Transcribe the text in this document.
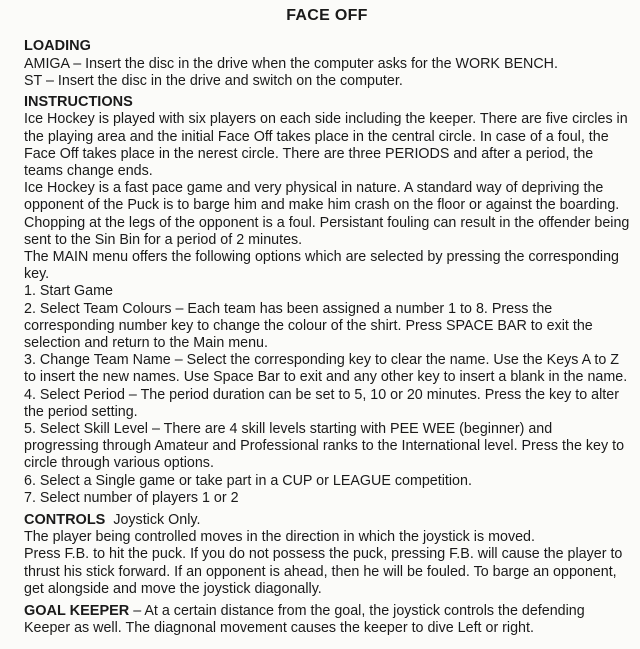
FACE OFF
LOADING

AMIGA – Insert the disc in the drive when the computer asks for the WORK BENCH.

ST – Insert the disc in the drive and switch on the computer.

INSTRUCTIONS

Ice Hockey is played with six players on each side including the keeper. There are five circles in the playing area and the initial Face Off takes place in the central circle. In case of a foul, the Face Off takes place in the nerest circle. There are three PERIODS and after a period, the teams change ends.

Ice Hockey is a fast pace game and very physical in nature. A standard way of depriving the opponent of the Puck is to barge him and make him crash on the floor or against the boarding. Chopping at the legs of the opponent is a foul. Persistant fouling can result in the offender being sent to the Sin Bin for a period of 2 minutes.

The MAIN menu offers the following options which are selected by pressing the corresponding key.

1. Start Game

2. Select Team Colours – Each team has been assigned a number 1 to 8. Press the corresponding number key to change the colour of the shirt. Press SPACE BAR to exit the selection and return to the Main menu.

3. Change Team Name – Select the corresponding key to clear the name. Use the Keys A to Z to insert the new names. Use Space Bar to exit and any other key to insert a blank in the name.

4. Select Period – The period duration can be set to 5, 10 or 20 minutes. Press the key to alter the period setting.

5. Select Skill Level – There are 4 skill levels starting with PEE WEE (beginner) and progressing through Amateur and Professional ranks to the International level. Press the key to circle through various options.

6. Select a Single game or take part in a CUP or LEAGUE competition.

7. Select number of players 1 or 2

CONTROLS Joystick Only.

The player being controlled moves in the direction in which the joystick is moved.

Press F.B. to hit the puck. If you do not possess the puck, pressing F.B. will cause the player to thrust his stick forward. If an opponent is ahead, then he will be fouled. To barge an opponent, get alongside and move the joystick diagonally.

GOAL KEEPER – At a certain distance from the goal, the joystick controls the defending Keeper as well. The diagnonal movement causes the keeper to dive Left or right.
